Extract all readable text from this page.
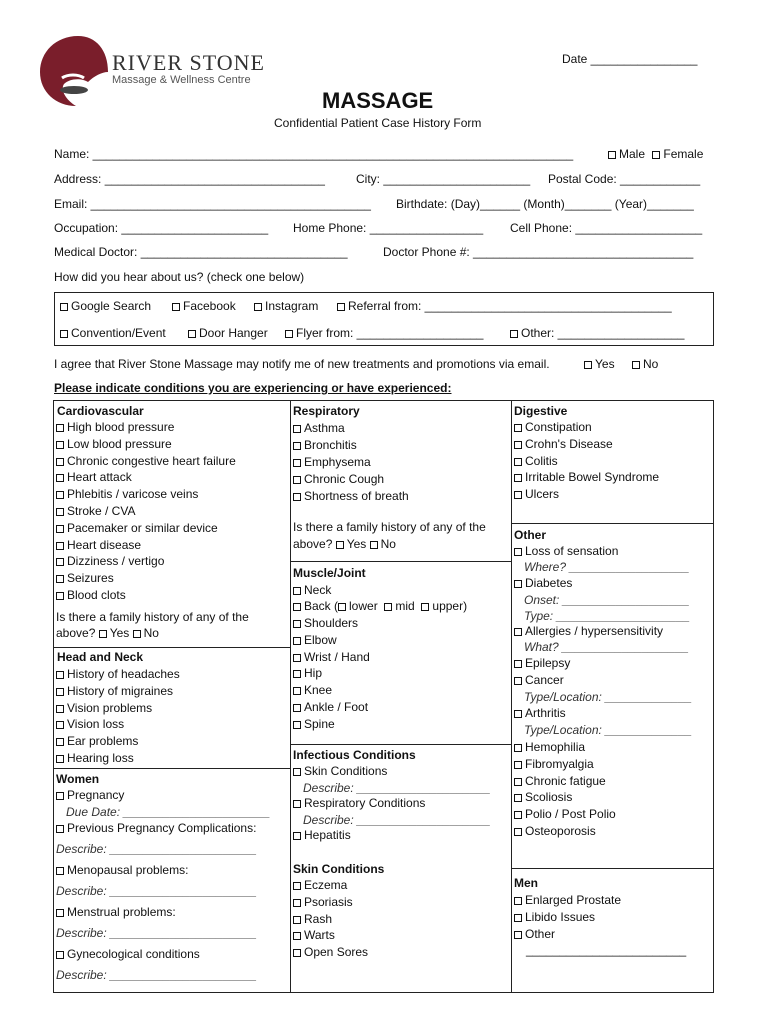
RIVER STONE
Massage & Wellness Centre
Date ________________
MASSAGE
Confidential Patient Case History Form
Name: ________________________________________________________________________	Male Female
Address: _________________________________	City: ______________________ Postal Code: ____________
Email: __________________________________________ Birthdate: (Day)______ (Month)_______ (Year)_______
Occupation: ______________________ Home Phone: _________________ Cell Phone: ___________________
Medical Doctor: _______________________________	Doctor Phone #: _________________________________
How did you hear about us? (check one below)
Google Search	Facebook	Instagram	Referral from: _____________________________________
Convention/Event	Door Hanger	Flyer from: ___________________	Other: ___________________
I agree that River Stone Massage may notify me of new treatments and promotions via email.	Yes	No
Please indicate conditions you are experiencing or have experienced:
Cardiovascular
High blood pressure
Low blood pressure
Chronic congestive heart failure
Heart attack
Phlebitis / varicose veins
Stroke / CVA
Pacemaker or similar device
Heart disease
Dizziness / vertigo
Seizures
Blood clots
Is there a family history of any of the
above? Yes No
Head and Neck
History of headaches
History of migraines
Vision problems
Vision loss
Ear problems
Hearing loss
Women
Pregnancy
Due Date: ______________________
Previous Pregnancy Complications:
Describe: ______________________
Menopausal problems:
Describe: ______________________
Menstrual problems:
Describe: ______________________
Gynecological conditions
Describe: ______________________
Respiratory
Asthma
Bronchitis
Emphysema
Chronic Cough
Shortness of breath
Is there a family history of any of the
above? Yes No
Muscle/Joint
Neck
Back ( lower mid upper)
Shoulders
Elbow
Wrist / Hand
Hip
Knee
Ankle / Foot
Spine
Infectious Conditions
Skin Conditions
Describe: ____________________
Respiratory Conditions
Describe: ____________________
Hepatitis
Skin Conditions
Eczema
Psoriasis
Rash
Warts
Open Sores
Digestive
Constipation
Crohn's Disease
Colitis
Irritable Bowel Syndrome
Ulcers
Other
Loss of sensation
Where? __________________
Diabetes
Onset: ___________________
Type: ____________________
Allergies / hypersensitivity
What? ___________________
Epilepsy
Cancer
Type/Location: _____________
Arthritis
Type/Location: _____________
Hemophilia
Fibromyalgia
Chronic fatigue
Scoliosis
Polio / Post Polio
Osteoporosis
Men
Enlarged Prostate
Libido Issues
Other
________________________
